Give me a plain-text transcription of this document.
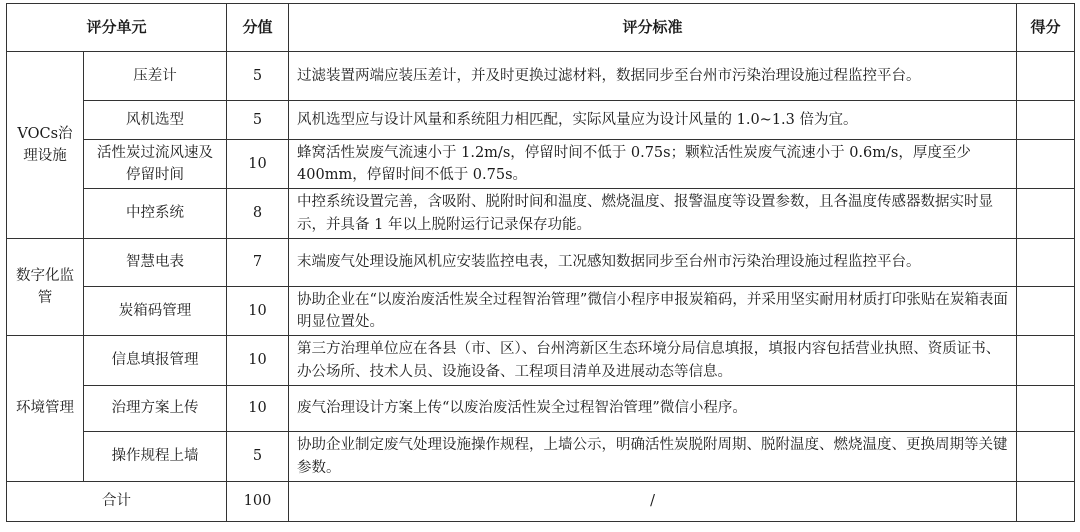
评分单元		分值	评分标准	得分
VOCs治理设施	压差计	5	过滤装置两端应装压差计，并及时更换过滤材料，数据同步至台州市污染治理设施过程监控平台。	
	风机选型	5	风机选型应与设计风量和系统阻力相匹配，实际风量应为设计风量的 1.0~1.3 倍为宜。	
	活性炭过流风速及停留时间	10	蜂窝活性炭废气流速小于 1.2m/s，停留时间不低于 0.75s；颗粒活性炭废气流速小于 0.6m/s，厚度至少 400mm，停留时间不低于 0.75s。	
	中控系统	8	中控系统设置完善，含吸附、脱附时间和温度、燃烧温度、报警温度等设置参数，且各温度传感器数据实时显示，并具备 1 年以上脱附运行记录保存功能。	
数字化监管	智慧电表	7	末端废气处理设施风机应安装监控电表，工况感知数据同步至台州市污染治理设施过程监控平台。	
	炭箱码管理	10	协助企业在“以废治废活性炭全过程智治管理”微信小程序申报炭箱码，并采用坚实耐用材质打印张贴在炭箱表面明显位置处。	
环境管理	信息填报管理	10	第三方治理单位应在各县（市、区）、台州湾新区生态环境分局信息填报，填报内容包括营业执照、资质证书、办公场所、技术人员、设施设备、工程项目清单及进展动态等信息。	
	治理方案上传	10	废气治理设计方案上传“以废治废活性炭全过程智治管理”微信小程序。	
	操作规程上墙	5	协助企业制定废气处理设施操作规程，上墙公示，明确活性炭脱附周期、脱附温度、燃烧温度、更换周期等关键参数。	
合计		100	/	
